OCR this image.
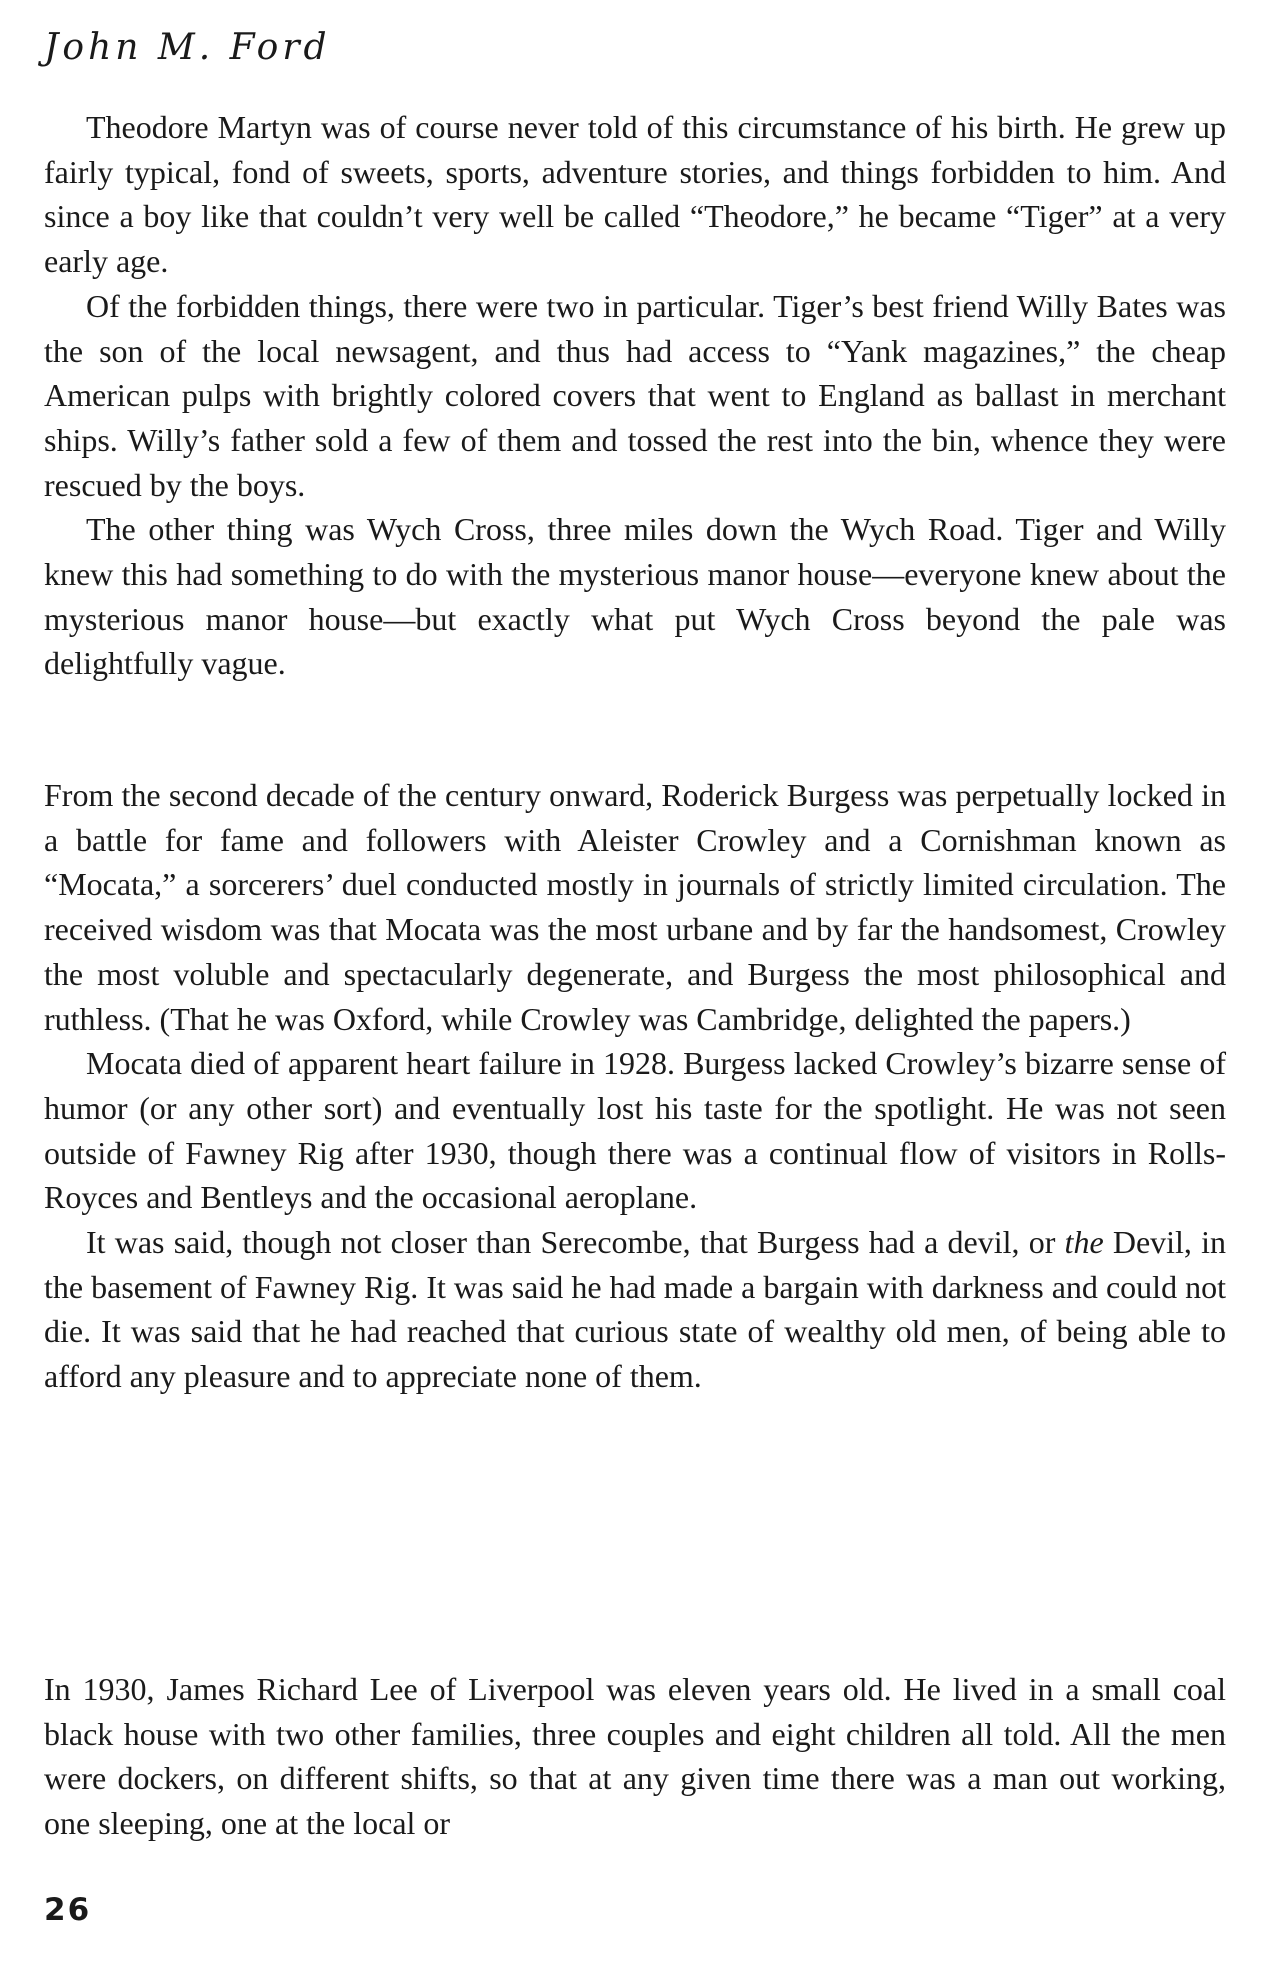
John M. Ford

Theodore Martyn was of course never told of this circumstance of his birth. He grew up fairly typical, fond of sweets, sports, adventure stories, and things forbidden to him. And since a boy like that couldn’t very well be called “Theodore,” he became “Tiger” at a very early age.

Of the forbidden things, there were two in particular. Tiger’s best friend Willy Bates was the son of the local newsagent, and thus had access to “Yank magazines,” the cheap American pulps with brightly colored covers that went to England as ballast in merchant ships. Willy’s father sold a few of them and tossed the rest into the bin, whence they were rescued by the boys.

The other thing was Wych Cross, three miles down the Wych Road. Tiger and Willy knew this had something to do with the mysterious manor house—everyone knew about the mysterious manor house—but exactly what put Wych Cross beyond the pale was delightfully vague.

From the second decade of the century onward, Roderick Burgess was perpetually locked in a battle for fame and followers with Aleister Crowley and a Cornishman known as “Mocata,” a sorcerers’ duel conducted mostly in journals of strictly limited circulation. The received wisdom was that Mocata was the most urbane and by far the handsomest, Crowley the most voluble and spectacularly degenerate, and Burgess the most philosophical and ruthless. (That he was Oxford, while Crowley was Cambridge, delighted the papers.)

Mocata died of apparent heart failure in 1928. Burgess lacked Crowley’s bizarre sense of humor (or any other sort) and eventually lost his taste for the spotlight. He was not seen outside of Fawney Rig after 1930, though there was a continual flow of visitors in Rolls-Royces and Bentleys and the occasional aeroplane.

It was said, though not closer than Serecombe, that Burgess had a devil, or the Devil, in the basement of Fawney Rig. It was said he had made a bargain with darkness and could not die. It was said that he had reached that curious state of wealthy old men, of being able to afford any pleasure and to appreciate none of them.

In 1930, James Richard Lee of Liverpool was eleven years old. He lived in a small coal black house with two other families, three couples and eight children all told. All the men were dockers, on different shifts, so that at any given time there was a man out working, one sleeping, one at the local or

26
